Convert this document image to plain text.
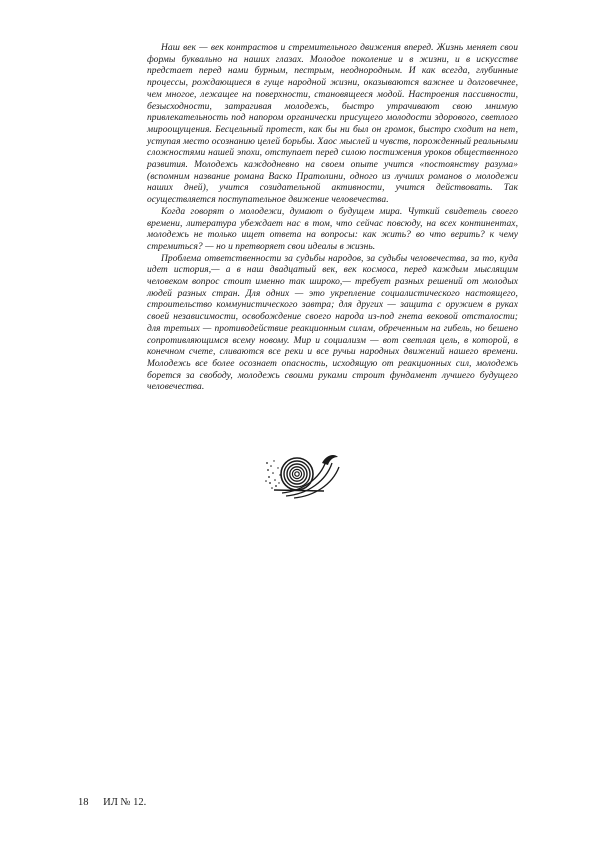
Наш век — век контрастов и стремительного движения вперед. Жизнь меняет свои формы буквально на наших глазах. Молодое поколение и в жизни, и в искусстве предстает перед нами бурным, пестрым, неоднородным. И как всегда, глубинные процессы, рождающиеся в гуще народной жизни, оказываются важнее и долговечнее, чем многое, лежащее на поверхности, становящееся модой. Настроения пассивности, безысходности, затрагивая молодежь, быстро утрачивают свою мнимую привлекательность под напором органически присущего молодости здорового, светлого мироощущения. Бесцельный протест, как бы ни был он громок, быстро сходит на нет, уступая место осознанию целей борьбы. Хаос мыслей и чувств, порожденный реальными сложностями нашей эпохи, отступает перед силою постижения уроков общественного развития. Молодежь каждодневно на своем опыте учится «постоянству разума» (вспомним название романа Васко Пратолини, одного из лучших романов о молодежи наших дней), учится созидательной активности, учится действовать. Так осуществляется поступательное движение человечества.

Когда говорят о молодежи, думают о будущем мира. Чуткий свидетель своего времени, литература убеждает нас в том, что сейчас повсюду, на всех континентах, молодежь не только ищет ответа на вопросы: как жить? во что верить? к чему стремиться? — но и претворяет свои идеалы в жизнь.

Проблема ответственности за судьбы народов, за судьбы человечества, за то, куда идет история,— а в наш двадцатый век, век космоса, перед каждым мыслящим человеком вопрос стоит именно так широко,— требует разных решений от молодых людей разных стран. Для одних — это укрепление социалистического настоящего, строительство коммунистического завтра; для других — защита с оружием в руках своей независимости, освобождение своего народа из-под гнета вековой отсталости; для третьих — противодействие реакционным силам, обреченным на гибель, но бешено сопротивляющимся всему новому. Мир и социализм — вот светлая цель, в которой, в конечном счете, сливаются все реки и все ручьи народных движений нашего времени. Молодежь все более осознает опасность, исходящую от реакционных сил, молодежь борется за свободу, молодежь своими руками строит фундамент лучшего будущего человечества.

18 ИЛ № 12.
